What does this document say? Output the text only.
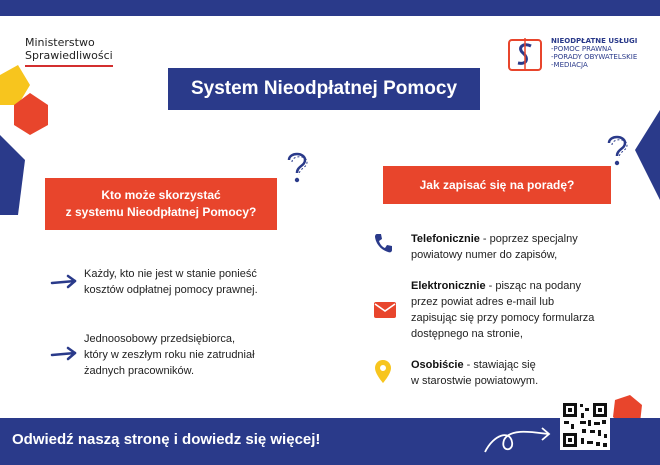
Ministerstwo
Sprawiedliwości
NIEODPŁATNE USŁUGI
-POMOC PRAWNA
-PORADY OBYWATELSKIE
-MEDIACJA
System Nieodpłatnej Pomocy
Kto może skorzystać
z systemu Nieodpłatnej Pomocy?
Każdy, kto nie jest w stanie ponieść
kosztów odpłatnej pomocy prawnej.
Jednoosobowy przedsiębiorca,
który w zeszłym roku nie zatrudniał
żadnych pracowników.
Jak zapisać się na poradę?
Telefonicznie - poprzez specjalny
powiatowy numer do zapisów,
Elektronicznie - pisząc na podany
przez powiat adres e-mail lub
zapisując się przy pomocy formularza
dostępnego na stronie,
Osobiście - stawiając się
w starostwie powiatowym.
Odwiedź naszą stronę i dowiedz się więcej!
